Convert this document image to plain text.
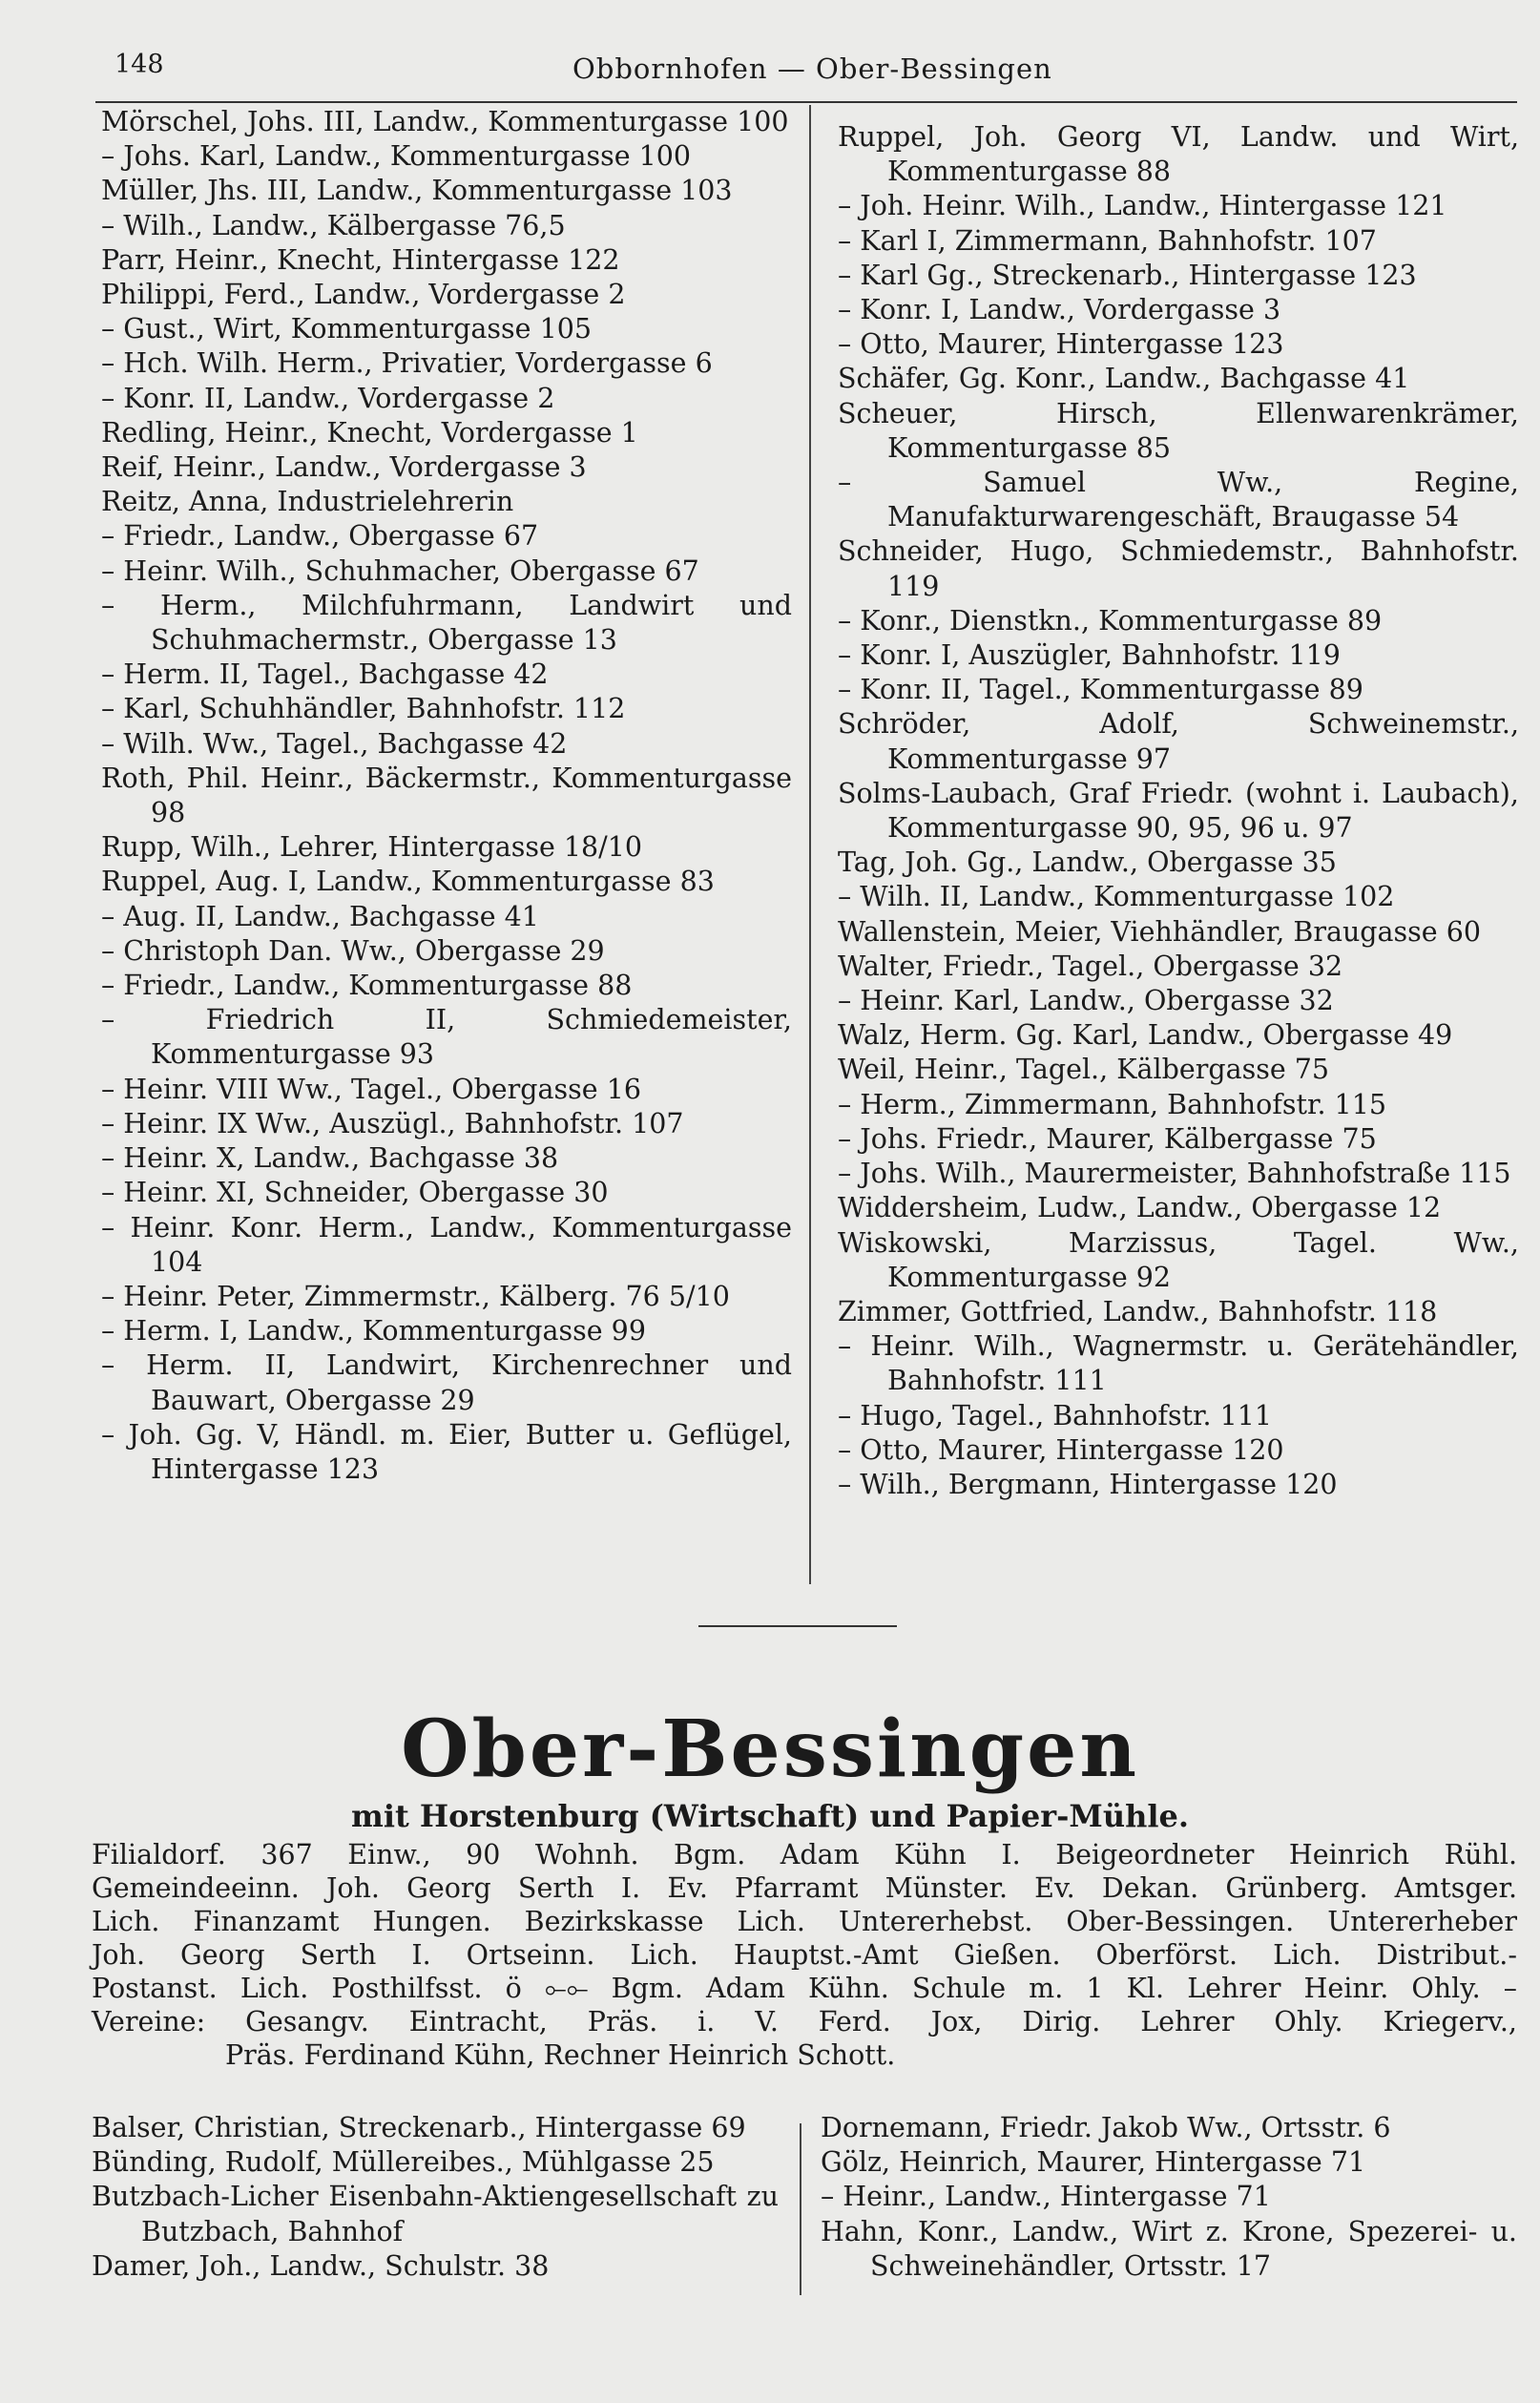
148	Obbornhofen — Ober-Bessingen
Mörschel, Johs. III, Landw., Kommenturgasse 100
– Johs. Karl, Landw., Kommenturgasse 100
Müller, Jhs. III, Landw., Kommenturgasse 103
– Wilh., Landw., Kälbergasse 76,5
Parr, Heinr., Knecht, Hintergasse 122
Philippi, Ferd., Landw., Vordergasse 2
– Gust., Wirt, Kommenturgasse 105
– Hch. Wilh. Herm., Privatier, Vordergasse 6
– Konr. II, Landw., Vordergasse 2
Redling, Heinr., Knecht, Vordergasse 1
Reif, Heinr., Landw., Vordergasse 3
Reitz, Anna, Industrielehrerin
– Friedr., Landw., Obergasse 67
– Heinr. Wilh., Schuhmacher, Obergasse 67
– Herm., Milchfuhrmann, Landwirt und Schuhmachermstr., Obergasse 13
– Herm. II, Tagel., Bachgasse 42
– Karl, Schuhhändler, Bahnhofstr. 112
– Wilh. Ww., Tagel., Bachgasse 42
Roth, Phil. Heinr., Bäckermstr., Kommenturgasse 98
Rupp, Wilh., Lehrer, Hintergasse 18/10
Ruppel, Aug. I, Landw., Kommenturgasse 83
– Aug. II, Landw., Bachgasse 41
– Christoph Dan. Ww., Obergasse 29
– Friedr., Landw., Kommenturgasse 88
– Friedrich II, Schmiedemeister, Kommenturgasse 93
– Heinr. VIII Ww., Tagel., Obergasse 16
– Heinr. IX Ww., Auszügl., Bahnhofstr. 107
– Heinr. X, Landw., Bachgasse 38
– Heinr. XI, Schneider, Obergasse 30
– Heinr. Konr. Herm., Landw., Kommenturgasse 104
– Heinr. Peter, Zimmermstr., Kälberg. 76 5/10
– Herm. I, Landw., Kommenturgasse 99
– Herm. II, Landwirt, Kirchenrechner und Bauwart, Obergasse 29
– Joh. Gg. V, Händl. m. Eier, Butter u. Geflügel, Hintergasse 123
Ruppel, Joh. Georg VI, Landw. und Wirt, Kommenturgasse 88
– Joh. Heinr. Wilh., Landw., Hintergasse 121
– Karl I, Zimmermann, Bahnhofstr. 107
– Karl Gg., Streckenarb., Hintergasse 123
– Konr. I, Landw., Vordergasse 3
– Otto, Maurer, Hintergasse 123
Schäfer, Gg. Konr., Landw., Bachgasse 41
Scheuer, Hirsch, Ellenwarenkrämer, Kommenturgasse 85
– Samuel Ww., Regine, Manufakturwarengeschäft, Braugasse 54
Schneider, Hugo, Schmiedemstr., Bahnhofstr. 119
– Konr., Dienstkn., Kommenturgasse 89
– Konr. I, Auszügler, Bahnhofstr. 119
– Konr. II, Tagel., Kommenturgasse 89
Schröder, Adolf, Schweinemstr., Kommenturgasse 97
Solms-Laubach, Graf Friedr. (wohnt i. Laubach), Kommenturgasse 90, 95, 96 u. 97
Tag, Joh. Gg., Landw., Obergasse 35
– Wilh. II, Landw., Kommenturgasse 102
Wallenstein, Meier, Viehhändler, Braugasse 60
Walter, Friedr., Tagel., Obergasse 32
– Heinr. Karl, Landw., Obergasse 32
Walz, Herm. Gg. Karl, Landw., Obergasse 49
Weil, Heinr., Tagel., Kälbergasse 75
– Herm., Zimmermann, Bahnhofstr. 115
– Johs. Friedr., Maurer, Kälbergasse 75
– Johs. Wilh., Maurermeister, Bahnhofstraße 115
Widdersheim, Ludw., Landw., Obergasse 12
Wiskowski, Marzissus, Tagel. Ww., Kommenturgasse 92
Zimmer, Gottfried, Landw., Bahnhofstr. 118
– Heinr. Wilh., Wagnermstr. u. Gerätehändler, Bahnhofstr. 111
– Hugo, Tagel., Bahnhofstr. 111
– Otto, Maurer, Hintergasse 120
– Wilh., Bergmann, Hintergasse 120
Ober-Bessingen
mit Horstenburg (Wirtschaft) und Papier-Mühle.
Filialdorf. 367 Einw., 90 Wohnh. Bgm. Adam Kühn I. Beigeordneter Heinrich Rühl.
Gemeindeeinn. Joh. Georg Serth I. Ev. Pfarramt Münster. Ev. Dekan. Grünberg. Amtsger.
Lich. Finanzamt Hungen. Bezirkskasse Lich. Untererhebst. Ober-Bessingen. Untererheber
Joh. Georg Serth I. Ortseinn. Lich. Hauptst.-Amt Gießen. Oberförst. Lich. Distribut.-
Postanst. Lich. Posthilfsst. ö ⟜⟜ Bgm. Adam Kühn. Schule m. 1 Kl. Lehrer Heinr. Ohly. –
Vereine: Gesangv. Eintracht, Präs. i. V. Ferd. Jox, Dirig. Lehrer Ohly. Kriegerv.,
Präs. Ferdinand Kühn, Rechner Heinrich Schott.
Balser, Christian, Streckenarb., Hintergasse 69
Bünding, Rudolf, Müllereibes., Mühlgasse 25
Butzbach-Licher Eisenbahn-Aktiengesellschaft zu Butzbach, Bahnhof
Damer, Joh., Landw., Schulstr. 38
Dornemann, Friedr. Jakob Ww., Ortsstr. 6
Gölz, Heinrich, Maurer, Hintergasse 71
– Heinr., Landw., Hintergasse 71
Hahn, Konr., Landw., Wirt z. Krone, Spezerei- u. Schweinehändler, Ortsstr. 17
